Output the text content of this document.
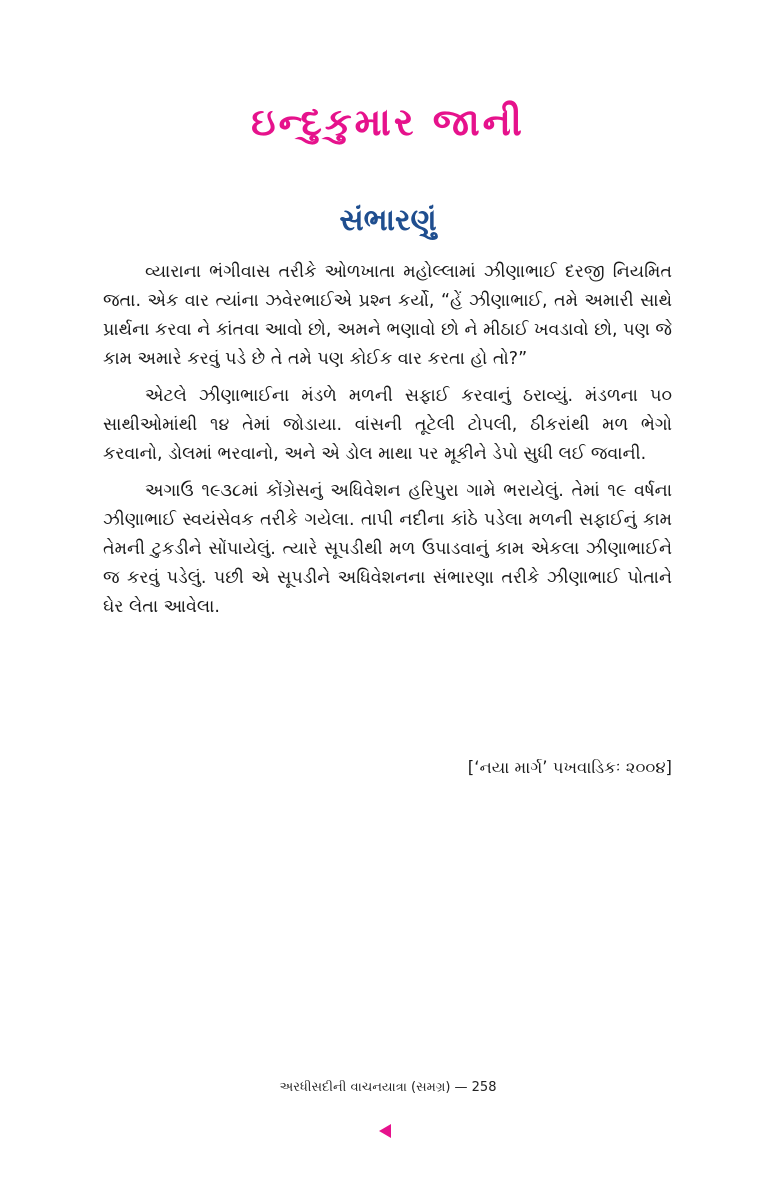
ઇન્દુકુમાર જાની
સંભારણું

વ્યારાના ભંગીવાસ તરીકે ઓળખાતા મહોલ્લામાં ઝીણાભાઈ દરજી નિયમિત જતા. એક વાર ત્યાંના ઝવેરભાઈએ પ્રશ્ન કર્યો, “હેં ઝીણાભાઈ, તમે અમારી સાથે પ્રાર્થના કરવા ને કાંતવા આવો છો, અમને ભણાવો છો ને મીઠાઈ ખવડાવો છો, પણ જે કામ અમારે કરવું પડે છે તે તમે પણ કોઈક વાર કરતા હો તો?”

એટલે ઝીણાભાઈના મંડળે મળની સફાઈ કરવાનું ઠરાવ્યું. મંડળના ૫૦ સાથીઓમાંથી ૧૪ તેમાં જોડાયા. વાંસની તૂટેલી ટોપલી, ઠીકરાંથી મળ ભેગો કરવાનો, ડોલમાં ભરવાનો, અને એ ડોલ માથા પર મૂકીને ડેપો સુધી લઈ જવાની.

અગાઉ ૧૯૩૮માં કોંગ્રેસનું અધિવેશન હરિપુરા ગામે ભરાયેલું. તેમાં ૧૯ વર્ષના ઝીણાભાઈ સ્વયંસેવક તરીકે ગયેલા. તાપી નદીના કાંઠે પડેલા મળની સફાઈનું કામ તેમની ટુકડીને સોંપાયેલું. ત્યારે સૂપડીથી મળ ઉપાડવાનું કામ એકલા ઝીણાભાઈને જ કરવું પડેલું. પછી એ સૂપડીને અધિવેશનના સંભારણા તરીકે ઝીણાભાઈ પોતાને ઘેર લેતા આવેલા.

[‘નયા માર્ગ’ પખવાડિકઃ ૨૦૦૪]
અરધીસદીની વાચનયાત્રા (સમગ્ર) — 258
